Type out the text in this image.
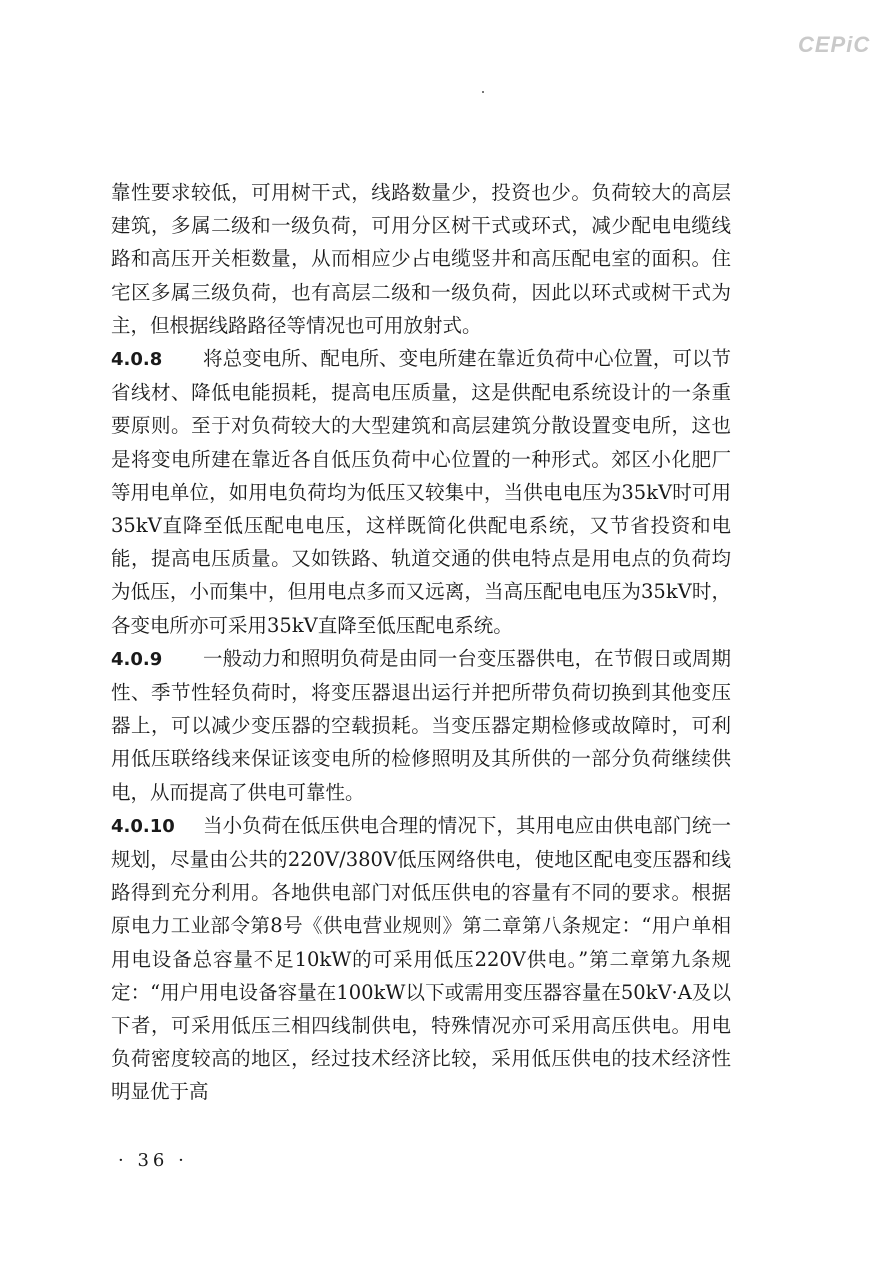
CEPiC

靠性要求较低，可用树干式，线路数量少，投资也少。负荷较大的高层建筑，多属二级和一级负荷，可用分区树干式或环式，减少配电电缆线路和高压开关柜数量，从而相应少占电缆竖井和高压配电室的面积。住宅区多属三级负荷，也有高层二级和一级负荷，因此以环式或树干式为主，但根据线路路径等情况也可用放射式。

4.0.8 将总变电所、配电所、变电所建在靠近负荷中心位置，可以节省线材、降低电能损耗，提高电压质量，这是供配电系统设计的一条重要原则。至于对负荷较大的大型建筑和高层建筑分散设置变电所，这也是将变电所建在靠近各自低压负荷中心位置的一种形式。郊区小化肥厂等用电单位，如用电负荷均为低压又较集中，当供电电压为35kV时可用35kV直降至低压配电电压，这样既简化供配电系统，又节省投资和电能，提高电压质量。又如铁路、轨道交通的供电特点是用电点的负荷均为低压，小而集中，但用电点多而又远离，当高压配电电压为35kV时，各变电所亦可采用35kV直降至低压配电系统。

4.0.9 一般动力和照明负荷是由同一台变压器供电，在节假日或周期性、季节性轻负荷时，将变压器退出运行并把所带负荷切换到其他变压器上，可以减少变压器的空载损耗。当变压器定期检修或故障时，可利用低压联络线来保证该变电所的检修照明及其所供的一部分负荷继续供电，从而提高了供电可靠性。

4.0.10 当小负荷在低压供电合理的情况下，其用电应由供电部门统一规划，尽量由公共的220V/380V低压网络供电，使地区配电变压器和线路得到充分利用。各地供电部门对低压供电的容量有不同的要求。根据原电力工业部令第8号《供电营业规则》第二章第八条规定：“用户单相用电设备总容量不足10kW的可采用低压220V供电。”第二章第九条规定：“用户用电设备容量在100kW以下或需用变压器容量在50kV·A及以下者，可采用低压三相四线制供电，特殊情况亦可采用高压供电。用电负荷密度较高的地区，经过技术经济比较，采用低压供电的技术经济性明显优于高

· 36 ·
